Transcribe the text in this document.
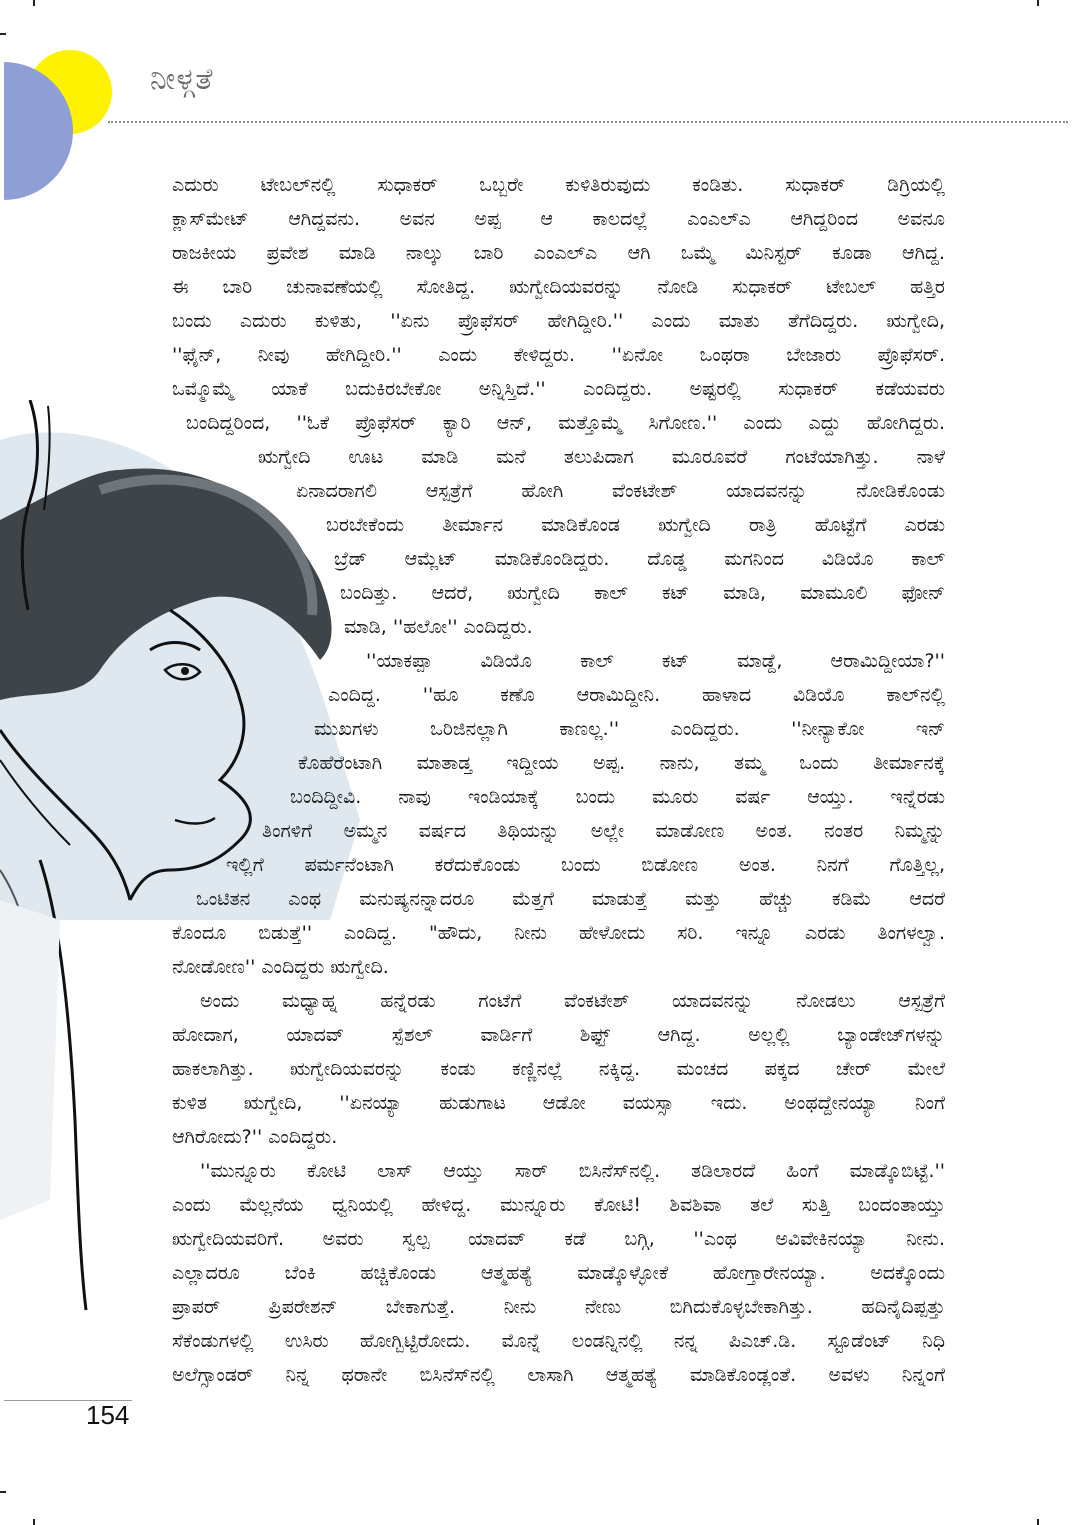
ನೀಳ್ಗತೆ
ಎದುರು ಟೇಬಲ್‌ನಲ್ಲಿ ಸುಧಾಕರ್ ಒಬ್ಬರೇ ಕುಳಿತಿರುವುದು ಕಂಡಿತು. ಸುಧಾಕರ್ ಡಿಗ್ರಿಯಲ್ಲಿ
ಕ್ಲಾಸ್‌ಮೇಟ್ ಆಗಿದ್ದವನು. ಅವನ ಅಪ್ಪ ಆ ಕಾಲದಲ್ಲೆ ಎಂಎಲ್‌ಎ ಆಗಿದ್ದರಿಂದ ಅವನೂ
ರಾಜಕೀಯ ಪ್ರವೇಶ ಮಾಡಿ ನಾಲ್ಕು ಬಾರಿ ಎಂಎಲ್‌ಎ ಆಗಿ ಒಮ್ಮೆ ಮಿನಿಸ್ಟರ್ ಕೂಡಾ ಆಗಿದ್ದ.
ಈ ಬಾರಿ ಚುನಾವಣೆಯಲ್ಲಿ ಸೋತಿದ್ದ. ಋಗ್ವೇದಿಯವರನ್ನು ನೋಡಿ ಸುಧಾಕರ್ ಟೇಬಲ್ ಹತ್ತಿರ
ಬಂದು ಎದುರು ಕುಳಿತು, ''ಏನು ಪ್ರೊಫೆಸರ್ ಹೇಗಿದ್ದೀರಿ.'' ಎಂದು ಮಾತು ತೆಗೆದಿದ್ದರು. ಋಗ್ವೇದಿ,
''ಫೈನ್, ನೀವು ಹೇಗಿದ್ದೀರಿ.'' ಎಂದು ಕೇಳಿದ್ದರು. ''ಏನೋ ಒಂಥರಾ ಬೇಜಾರು ಪ್ರೊಫೆಸರ್.
ಒಮ್ಮೊಮ್ಮೆ ಯಾಕೆ ಬದುಕಿರಬೇಕೋ ಅನ್ನಿಸ್ತಿದೆ.'' ಎಂದಿದ್ದರು. ಅಷ್ಟರಲ್ಲಿ ಸುಧಾಕರ್ ಕಡೆಯವರು
ಬಂದಿದ್ದರಿಂದ, ''ಓಕೆ ಪ್ರೊಫೆಸರ್ ಕ್ಯಾರಿ ಆನ್, ಮತ್ತೊಮ್ಮೆ ಸಿಗೋಣ.'' ಎಂದು ಎದ್ದು ಹೋಗಿದ್ದರು.
ಋಗ್ವೇದಿ ಊಟ ಮಾಡಿ ಮನೆ ತಲುಪಿದಾಗ ಮೂರೂವರೆ ಗಂಟೆಯಾಗಿತ್ತು. ನಾಳೆ
ಏನಾದರಾಗಲಿ ಆಸ್ಪತ್ರೆಗೆ ಹೋಗಿ ವೆಂಕಟೇಶ್ ಯಾದವನನ್ನು ನೋಡಿಕೊಂಡು
ಬರಬೇಕೆಂದು ತೀರ್ಮಾನ ಮಾಡಿಕೊಂಡ ಋಗ್ವೇದಿ ರಾತ್ರಿ ಹೊಟ್ಟೆಗೆ ಎರಡು
ಬ್ರೆಡ್ ಆಮ್ಲೆಟ್ ಮಾಡಿಕೊಂಡಿದ್ದರು. ದೊಡ್ಡ ಮಗನಿಂದ ವಿಡಿಯೊ ಕಾಲ್
ಬಂದಿತ್ತು. ಆದರೆ, ಋಗ್ವೇದಿ ಕಾಲ್ ಕಟ್ ಮಾಡಿ, ಮಾಮೂಲಿ ಫೋನ್
ಮಾಡಿ, ''ಹಲೋ'' ಎಂದಿದ್ದರು.
''ಯಾಕಪ್ಪಾ ವಿಡಿಯೊ ಕಾಲ್ ಕಟ್ ಮಾಡ್ದೆ, ಆರಾಮಿದ್ದೀಯಾ?''
ಎಂದಿದ್ದ. ''ಹೂ ಕಣೊ ಆರಾಮಿದ್ದೀನಿ. ಹಾಳಾದ ವಿಡಿಯೊ ಕಾಲ್‌ನಲ್ಲಿ
ಮುಖಗಳು ಒರಿಜಿನಲ್ಲಾಗಿ ಕಾಣಲ್ಲ.'' ಎಂದಿದ್ದರು. ''ನೀನ್ಯಾಕೋ ಇನ್
ಕೊಹೆರೆಂಟಾಗಿ ಮಾತಾಡ್ತ ಇದ್ದೀಯ ಅಪ್ಪ. ನಾನು, ತಮ್ಮ ಒಂದು ತೀರ್ಮಾನಕ್ಕೆ
ಬಂದಿದ್ದೀವಿ. ನಾವು ಇಂಡಿಯಾಕ್ಕೆ ಬಂದು ಮೂರು ವರ್ಷ ಆಯ್ತು. ಇನ್ನೆರಡು
ತಿಂಗಳಿಗೆ ಅಮ್ಮನ ವರ್ಷದ ತಿಥಿಯನ್ನು ಅಲ್ಲೇ ಮಾಡೋಣ ಅಂತ. ನಂತರ ನಿಮ್ಮನ್ನು
ಇಲ್ಲಿಗೆ ಪರ್ಮನೆಂಟಾಗಿ ಕರೆದುಕೊಂಡು ಬಂದು ಬಿಡೋಣ ಅಂತ. ನಿನಗೆ ಗೊತ್ತಿಲ್ಲ,
ಒಂಟಿತನ ಎಂಥ ಮನುಷ್ಯನನ್ನಾದರೂ ಮೆತ್ತಗೆ ಮಾಡುತ್ತೆ ಮತ್ತು ಹೆಚ್ಚು ಕಡಿಮೆ ಆದರೆ
ಕೊಂದೂ ಬಿಡುತ್ತೆ'' ಎಂದಿದ್ದ. "ಹೌದು, ನೀನು ಹೇಳೋದು ಸರಿ. ಇನ್ನೂ ಎರಡು ತಿಂಗಳಲ್ವಾ.
ನೋಡೋಣ'' ಎಂದಿದ್ದರು ಋಗ್ವೇದಿ.
ಅಂದು ಮಧ್ಯಾಹ್ನ ಹನ್ನೆರಡು ಗಂಟೆಗೆ ವೆಂಕಟೇಶ್ ಯಾದವನನ್ನು ನೋಡಲು ಆಸ್ಪತ್ರೆಗೆ
ಹೋದಾಗ, ಯಾದವ್ ಸ್ಪೆಶಲ್ ವಾರ್ಡಿಗೆ ಶಿಫ್ಟ್ ಆಗಿದ್ದ. ಅಲ್ಲಲ್ಲಿ ಬ್ಯಾಂಡೇಜ್‌ಗಳನ್ನು
ಹಾಕಲಾಗಿತ್ತು. ಋಗ್ವೇದಿಯವರನ್ನು ಕಂಡು ಕಣ್ಣಿನಲ್ಲೆ ನಕ್ಕಿದ್ದ. ಮಂಚದ ಪಕ್ಕದ ಚೇರ್ ಮೇಲೆ
ಕುಳಿತ ಋಗ್ವೇದಿ, ''ಏನಯ್ಯಾ ಹುಡುಗಾಟ ಆಡೋ ವಯಸ್ಸಾ ಇದು. ಅಂಥದ್ದೇನಯ್ಯಾ ನಿಂಗೆ
ಆಗಿರೋದು?'' ಎಂದಿದ್ದರು.
''ಮುನ್ನೂರು ಕೋಟಿ ಲಾಸ್ ಆಯ್ತು ಸಾರ್ ಬಿಸಿನೆಸ್‌ನಲ್ಲಿ. ತಡಿಲಾರದೆ ಹಿಂಗೆ ಮಾಡ್ಕೊಬಿಟ್ಟೆ.''
ಎಂದು ಮೆಲ್ಲನೆಯ ಧ್ವನಿಯಲ್ಲಿ ಹೇಳಿದ್ದ. ಮುನ್ನೂರು ಕೋಟಿ! ಶಿವಶಿವಾ ತಲೆ ಸುತ್ತಿ ಬಂದಂತಾಯ್ತು
ಋಗ್ವೇದಿಯವರಿಗೆ. ಅವರು ಸ್ವಲ್ಪ ಯಾದವ್ ಕಡೆ ಬಗ್ಗಿ, ''ಎಂಥ ಅವಿವೇಕಿನಯ್ಯಾ ನೀನು.
ಎಲ್ಲಾದರೂ ಬೆಂಕಿ ಹಚ್ಚಿಕೊಂಡು ಆತ್ಮಹತ್ಯೆ ಮಾಡ್ಕೊಳ್ಳೋಕೆ ಹೋಗ್ತಾರೇನಯ್ಯಾ. ಅದಕ್ಕೊಂದು
ಪ್ರಾಪರ್ ಪ್ರಿಪರೇಶನ್ ಬೇಕಾಗುತ್ತೆ. ನೀನು ನೇಣು ಬಿಗಿದುಕೊಳ್ಳಬೇಕಾಗಿತ್ತು. ಹದಿನೈದಿಪ್ಪತ್ತು
ಸೆಕೆಂಡುಗಳಲ್ಲಿ ಉಸಿರು ಹೋಗ್ಬಿಟ್ಟಿರೋದು. ಮೊನ್ನೆ ಲಂಡನ್ನಿನಲ್ಲಿ ನನ್ನ ಪಿಎಚ್.ಡಿ. ಸ್ಟೂಡೆಂಟ್ ನಿಧಿ
ಅಲೆಗ್ಸಾಂಡರ್ ನಿನ್ನ ಥರಾನೇ ಬಿಸಿನೆಸ್‌ನಲ್ಲಿ ಲಾಸಾಗಿ ಆತ್ಮಹತ್ಯೆ ಮಾಡಿಕೊಂಡ್ಲಂತೆ. ಅವಳು ನಿನ್ನಂಗೆ
154
